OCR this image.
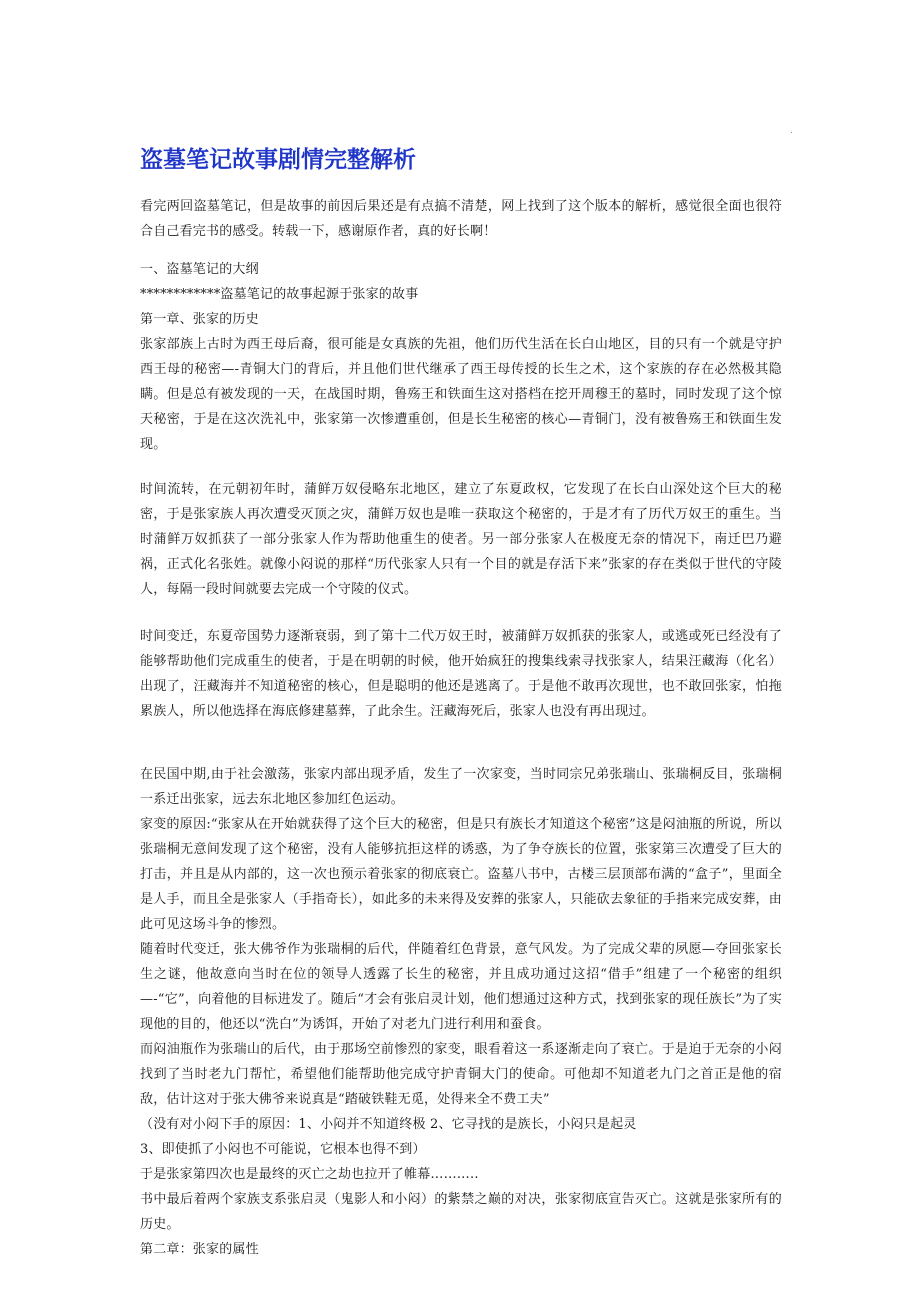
.
盗墓笔记故事剧情完整解析

看完两回盗墓笔记，但是故事的前因后果还是有点搞不清楚，网上找到了这个版本的解析，感觉很全面也很符合自己看完书的感受。转载一下，感谢原作者，真的好长啊！

一、盗墓笔记的大纲

************盗墓笔记的故事起源于张家的故事

第一章、张家的历史

张家部族上古时为西王母后裔，很可能是女真族的先祖，他们历代生活在长白山地区，目的只有一个就是守护西王母的秘密—-青铜大门的背后，并且他们世代继承了西王母传授的长生之术，这个家族的存在必然极其隐瞒。但是总有被发现的一天，在战国时期，鲁殇王和铁面生这对搭档在挖开周穆王的墓时，同时发现了这个惊天秘密，于是在这次洗礼中，张家第一次惨遭重创，但是长生秘密的核心—青铜门，没有被鲁殇王和铁面生发现。

时间流转，在元朝初年时，蒲鲜万奴侵略东北地区，建立了东夏政权，它发现了在长白山深处这个巨大的秘密，于是张家族人再次遭受灭顶之灾，蒲鲜万奴也是唯一获取这个秘密的，于是才有了历代万奴王的重生。当时蒲鲜万奴抓获了一部分张家人作为帮助他重生的使者。另一部分张家人在极度无奈的情况下，南迁巴乃避祸，正式化名张姓。就像小闷说的那样“历代张家人只有一个目的就是存活下来”张家的存在类似于世代的守陵人，每隔一段时间就要去完成一个守陵的仪式。

时间变迁，东夏帝国势力逐渐衰弱，到了第十二代万奴王时，被蒲鲜万奴抓获的张家人，或逃或死已经没有了能够帮助他们完成重生的使者，于是在明朝的时候，他开始疯狂的搜集线索寻找张家人，结果汪藏海（化名）出现了，汪藏海并不知道秘密的核心，但是聪明的他还是逃离了。于是他不敢再次现世，也不敢回张家，怕拖累族人，所以他选择在海底修建墓葬，了此余生。汪藏海死后，张家人也没有再出现过。

在民国中期,由于社会激荡，张家内部出现矛盾，发生了一次家变，当时同宗兄弟张瑞山、张瑞桐反目，张瑞桐一系迁出张家，远去东北地区参加红色运动。

家变的原因:“张家从在开始就获得了这个巨大的秘密，但是只有族长才知道这个秘密”这是闷油瓶的所说，所以张瑞桐无意间发现了这个秘密，没有人能够抗拒这样的诱惑，为了争夺族长的位置，张家第三次遭受了巨大的打击，并且是从内部的，这一次也预示着张家的彻底衰亡。盗墓八书中，古楼三层顶部布满的“盒子”，里面全是人手，而且全是张家人（手指奇长），如此多的未来得及安葬的张家人，只能砍去象征的手指来完成安葬，由此可见这场斗争的惨烈。

随着时代变迁，张大佛爷作为张瑞桐的后代，伴随着红色背景，意气风发。为了完成父辈的夙愿—夺回张家长生之谜，他故意向当时在位的领导人透露了长生的秘密，并且成功通过这招“借手”组建了一个秘密的组织—-“它”，向着他的目标进发了。随后“才会有张启灵计划，他们想通过这种方式，找到张家的现任族长”为了实现他的目的，他还以“洗白”为诱饵，开始了对老九门进行利用和蚕食。

而闷油瓶作为张瑞山的后代，由于那场空前惨烈的家变，眼看着这一系逐渐走向了衰亡。于是迫于无奈的小闷找到了当时老九门帮忙，希望他们能帮助他完成守护青铜大门的使命。可他却不知道老九门之首正是他的宿敌，估计这对于张大佛爷来说真是“踏破铁鞋无觅，处得来全不费工夫”

（没有对小闷下手的原因：1、小闷并不知道终极 2、它寻找的是族长，小闷只是起灵

3、即使抓了小闷也不可能说，它根本也得不到）

于是张家第四次也是最终的灭亡之劫也拉开了帷幕………..

书中最后着两个家族支系张启灵（鬼影人和小闷）的紫禁之巅的对决，张家彻底宣告灭亡。这就是张家所有的历史。

第二章：张家的属性
